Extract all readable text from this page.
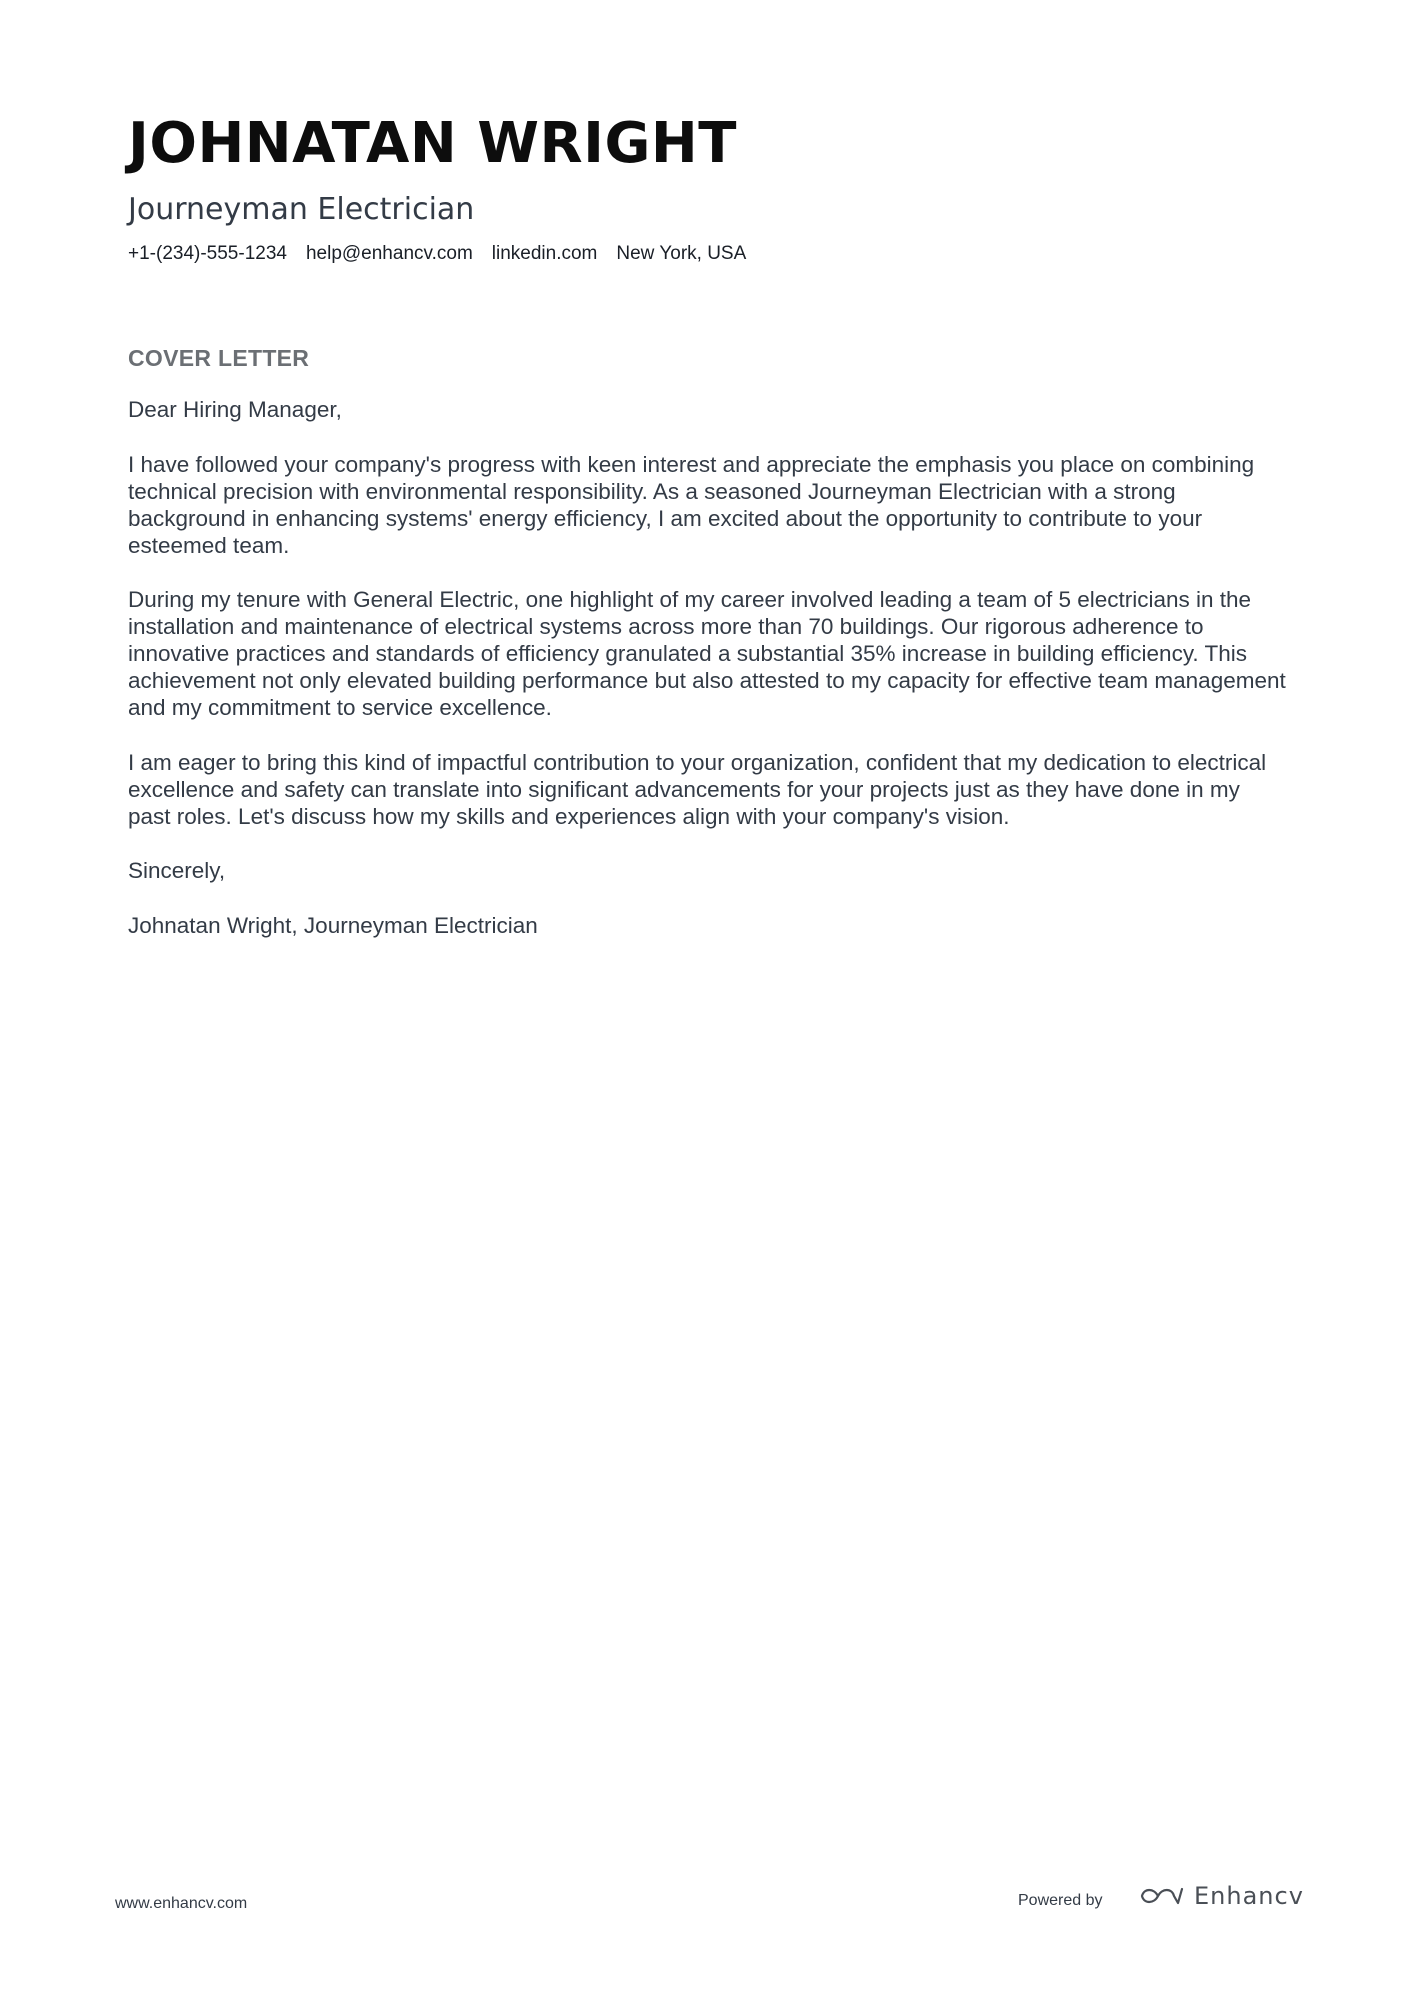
JOHNATAN WRIGHT
Journeyman Electrician
+1-(234)-555-1234 help@enhancv.com linkedin.com New York, USA
COVER LETTER

Dear Hiring Manager,

I have followed your company's progress with keen interest and appreciate the emphasis you place on combining technical precision with environmental responsibility. As a seasoned Journeyman Electrician with a strong background in enhancing systems' energy efficiency, I am excited about the opportunity to contribute to your esteemed team.

During my tenure with General Electric, one highlight of my career involved leading a team of 5 electricians in the installation and maintenance of electrical systems across more than 70 buildings. Our rigorous adherence to innovative practices and standards of efficiency granulated a substantial 35% increase in building efficiency. This achievement not only elevated building performance but also attested to my capacity for effective team management and my commitment to service excellence.

I am eager to bring this kind of impactful contribution to your organization, confident that my dedication to electrical excellence and safety can translate into significant advancements for your projects just as they have done in my past roles. Let's discuss how my skills and experiences align with your company's vision.

Sincerely,

Johnatan Wright, Journeyman Electrician

www.enhancv.com	Powered by	Enhancv
